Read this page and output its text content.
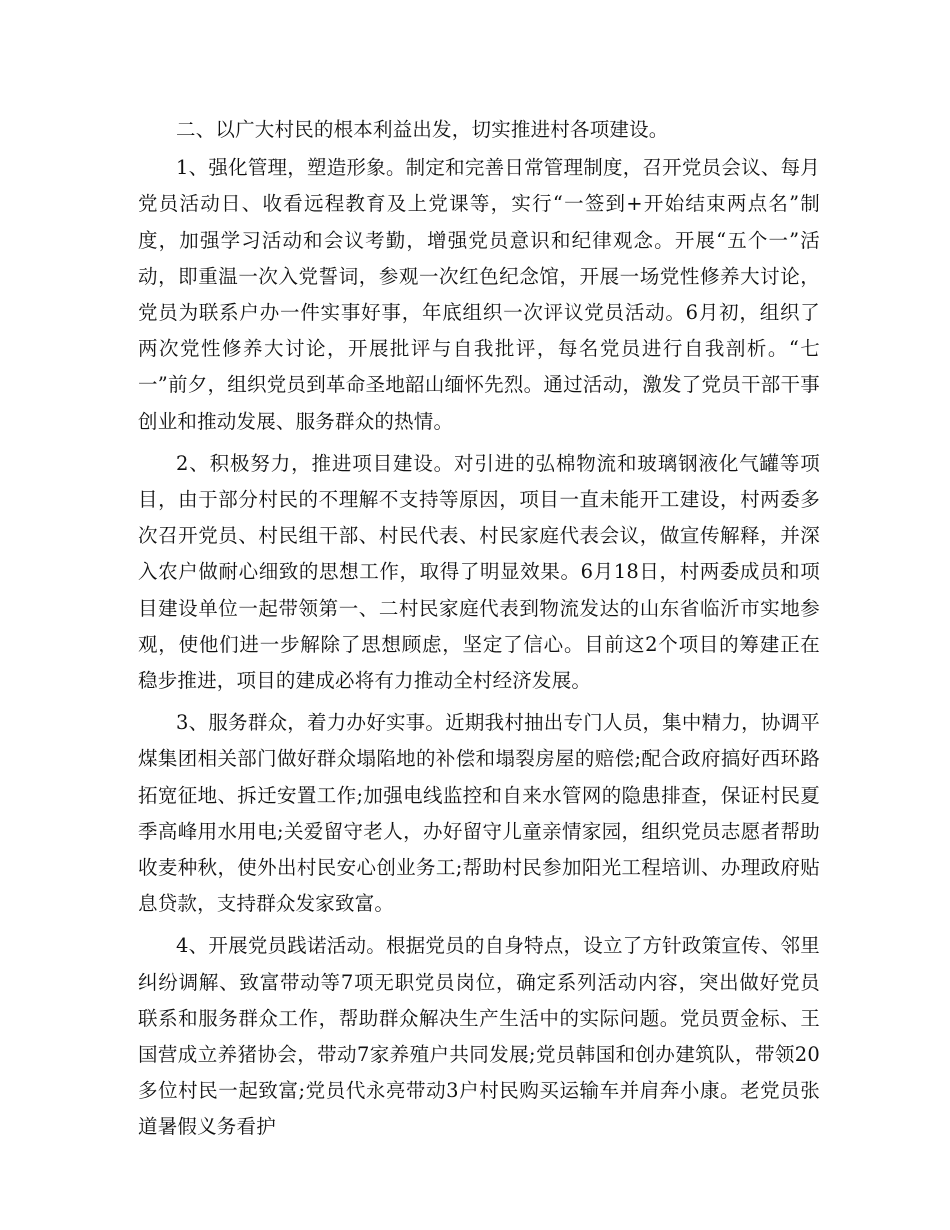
二、以广大村民的根本利益出发，切实推进村各项建设。

1、强化管理，塑造形象。制定和完善日常管理制度，召开党员会议、每月党员活动日、收看远程教育及上党课等，实行“一签到+开始结束两点名”制度，加强学习活动和会议考勤，增强党员意识和纪律观念。开展“五个一”活动，即重温一次入党誓词，参观一次红色纪念馆，开展一场党性修养大讨论，党员为联系户办一件实事好事，年底组织一次评议党员活动。6月初，组织了两次党性修养大讨论，开展批评与自我批评，每名党员进行自我剖析。“七一”前夕，组织党员到革命圣地韶山缅怀先烈。通过活动，激发了党员干部干事创业和推动发展、服务群众的热情。

2、积极努力，推进项目建设。对引进的弘棉物流和玻璃钢液化气罐等项目，由于部分村民的不理解不支持等原因，项目一直未能开工建设，村两委多次召开党员、村民组干部、村民代表、村民家庭代表会议，做宣传解释，并深入农户做耐心细致的思想工作，取得了明显效果。6月18日，村两委成员和项目建设单位一起带领第一、二村民家庭代表到物流发达的山东省临沂市实地参观，使他们进一步解除了思想顾虑，坚定了信心。目前这2个项目的筹建正在稳步推进，项目的建成必将有力推动全村经济发展。

3、服务群众，着力办好实事。近期我村抽出专门人员，集中精力，协调平煤集团相关部门做好群众塌陷地的补偿和塌裂房屋的赔偿;配合政府搞好西环路拓宽征地、拆迁安置工作;加强电线监控和自来水管网的隐患排查，保证村民夏季高峰用水用电;关爱留守老人，办好留守儿童亲情家园，组织党员志愿者帮助收麦种秋，使外出村民安心创业务工;帮助村民参加阳光工程培训、办理政府贴息贷款，支持群众发家致富。

4、开展党员践诺活动。根据党员的自身特点，设立了方针政策宣传、邻里纠纷调解、致富带动等7项无职党员岗位，确定系列活动内容，突出做好党员联系和服务群众工作，帮助群众解决生产生活中的实际问题。党员贾金标、王国营成立养猪协会，带动7家养殖户共同发展;党员韩国和创办建筑队，带领20多位村民一起致富;党员代永亮带动3户村民购买运输车并肩奔小康。老党员张道暑假义务看护
